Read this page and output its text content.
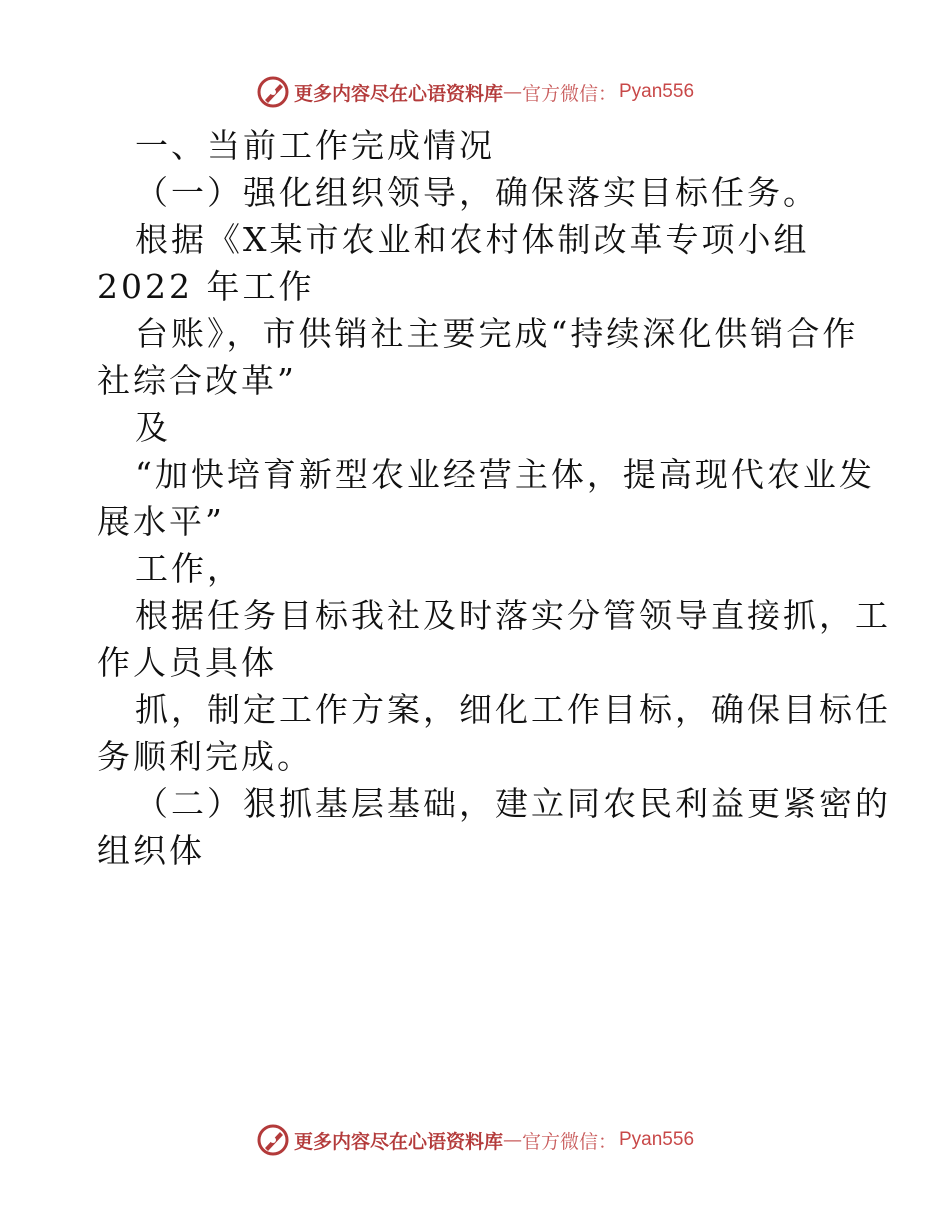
更多内容尽在心语资料库 — 官方微信： Pyan556
一、当前工作完成情况
（一）强化组织领导，确保落实目标任务。
根据《X某市农业和农村体制改革专项小组
2022 年工作
台账》，市供销社主要完成“持续深化供销合作
社综合改革”
及
“加快培育新型农业经营主体，提高现代农业发
展水平”
工作，
根据任务目标我社及时落实分管领导直接抓，工
作人员具体
抓，制定工作方案，细化工作目标，确保目标任
务顺利完成。
（二）狠抓基层基础，建立同农民利益更紧密的
组织体
更多内容尽在心语资料库 — 官方微信： Pyan556
